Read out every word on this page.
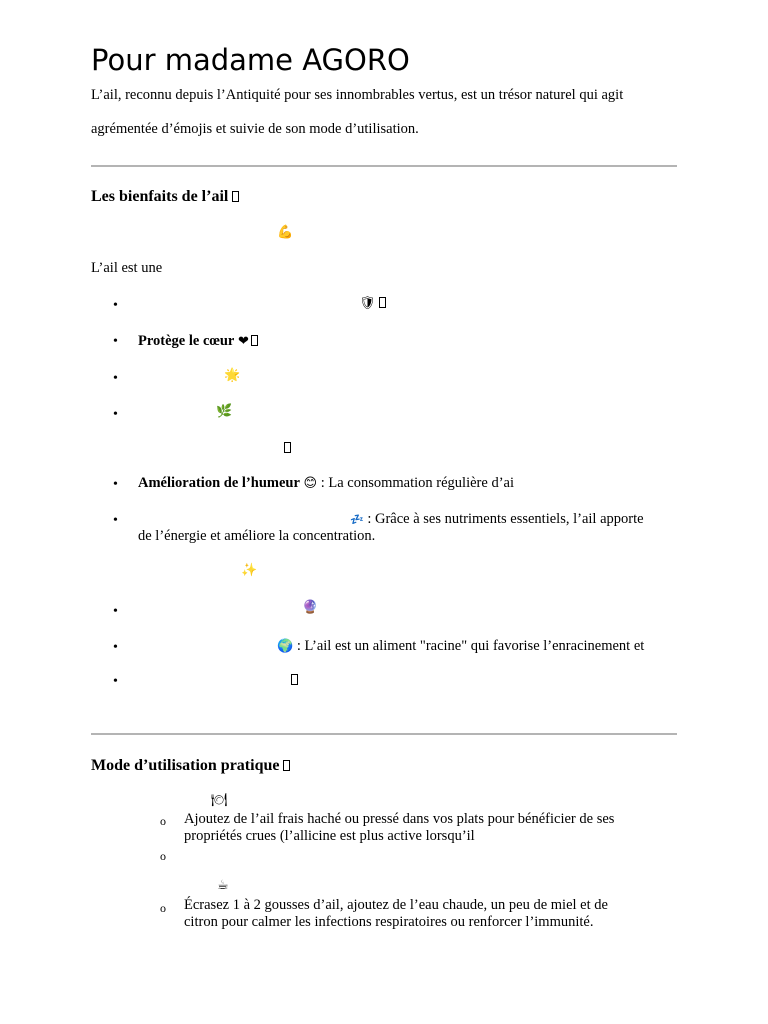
Pour madame AGORO
L’ail, reconnu depuis l’Antiquité pour ses innombrables vertus, est un trésor naturel qui agit
agrémentée d’émojis et suivie de son mode d’utilisation.
Les bienfaits de l’ail
💪
L’ail est une
•	🛡
• Protège le cœur ❤
•	🌟
•	🌿
• Amélioration de l’humeur 😊 : La consommation régulière d’ai
•	💤 : Grâce à ses nutriments essentiels, l’ail apporte
de l’énergie et améliore la concentration.
✨
•	🔮
•	🌍 : L’ail est un aliment "racine" qui favorise l’enracinement et
•
Mode d’utilisation pratique
🍽
o Ajoutez de l’ail frais haché ou pressé dans vos plats pour bénéficier de ses
propriétés crues (l’allicine est plus active lorsqu’il
o
☕
o Écrasez 1 à 2 gousses d’ail, ajoutez de l’eau chaude, un peu de miel et de
citron pour calmer les infections respiratoires ou renforcer l’immunité.
